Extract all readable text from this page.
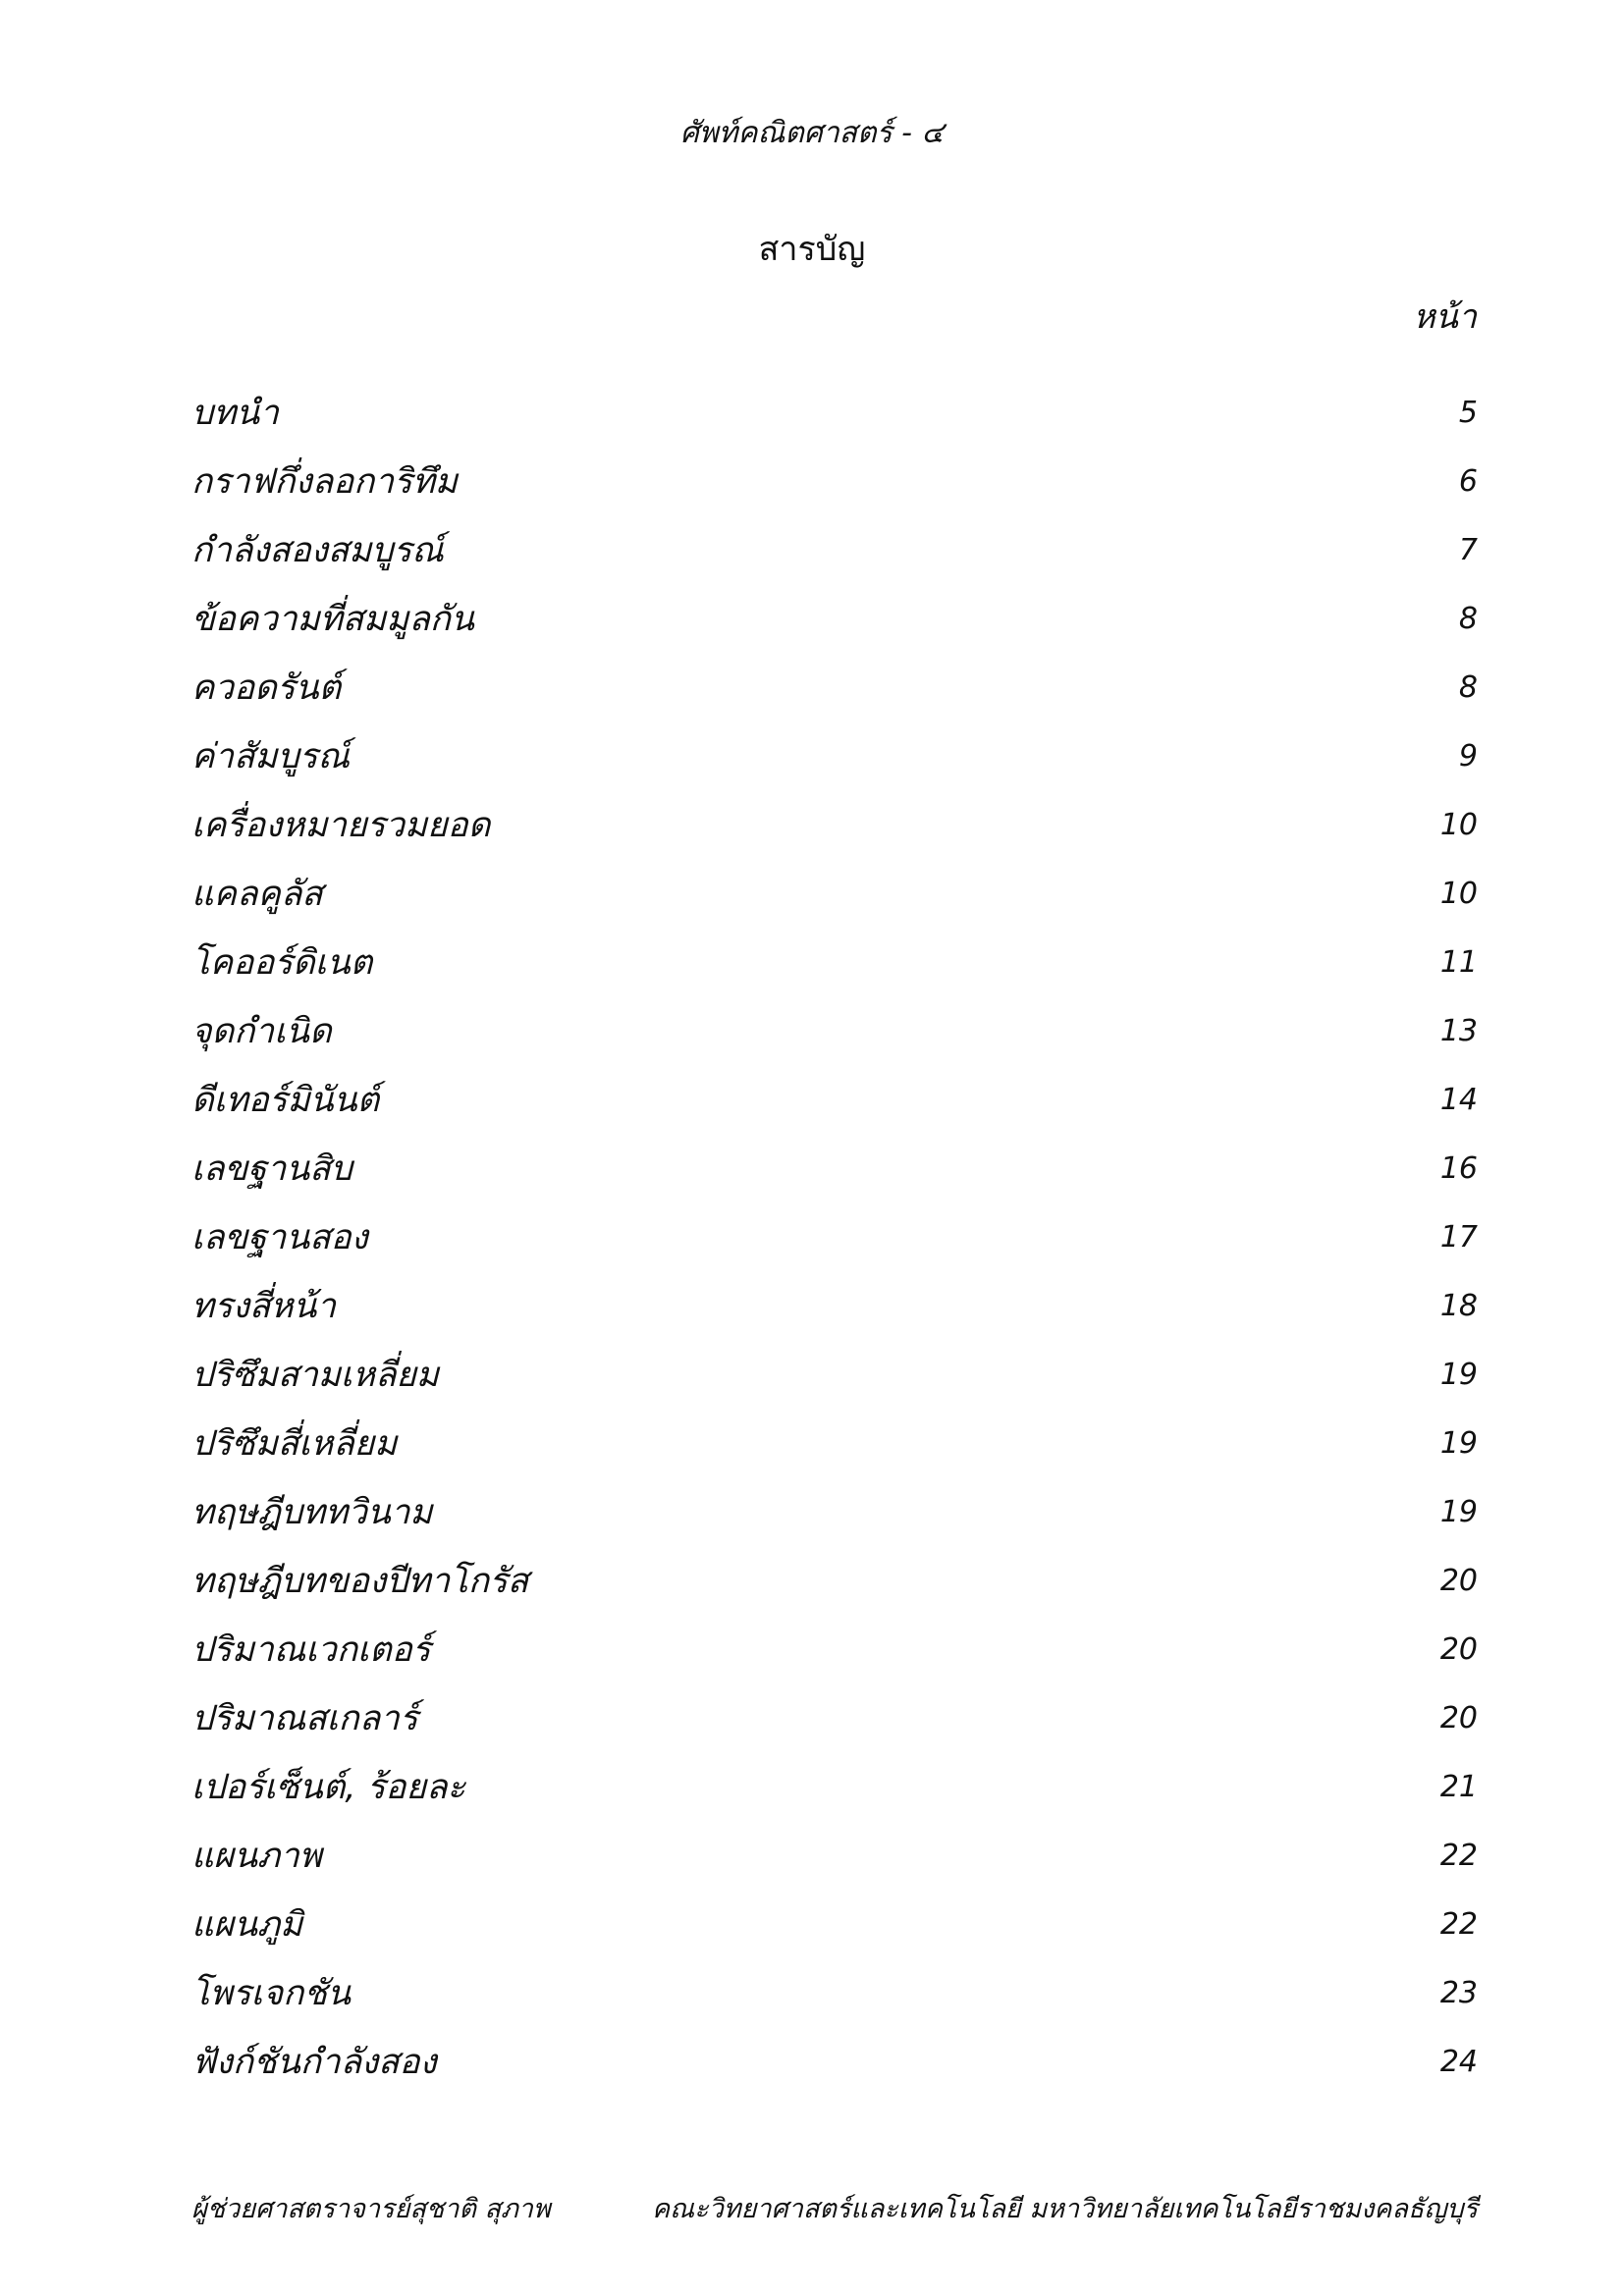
ศัพท์คณิตศาสตร์ - ๔
สารบัญ
หน้า
บทนำ	5
กราฟกึ่งลอการิทึม	6
กำลังสองสมบูรณ์	7
ข้อความที่สมมูลกัน	8
ควอดรันต์	8
ค่าสัมบูรณ์	9
เครื่องหมายรวมยอด	10
แคลคูลัส	10
โคออร์ดิเนต	11
จุดกำเนิด	13
ดีเทอร์มินันต์	14
เลขฐานสิบ	16
เลขฐานสอง	17
ทรงสี่หน้า	18
ปริซึมสามเหลี่ยม	19
ปริซึมสี่เหลี่ยม	19
ทฤษฎีบททวินาม	19
ทฤษฎีบทของปีทาโกรัส	20
ปริมาณเวกเตอร์	20
ปริมาณสเกลาร์	20
เปอร์เซ็นต์, ร้อยละ	21
แผนภาพ	22
แผนภูมิ	22
โพรเจกชัน	23
ฟังก์ชันกำลังสอง	24
ผู้ช่วยศาสตราจารย์สุชาติ สุภาพ	คณะวิทยาศาสตร์และเทคโนโลยี มหาวิทยาลัยเทคโนโลยีราชมงคลธัญบุรี
